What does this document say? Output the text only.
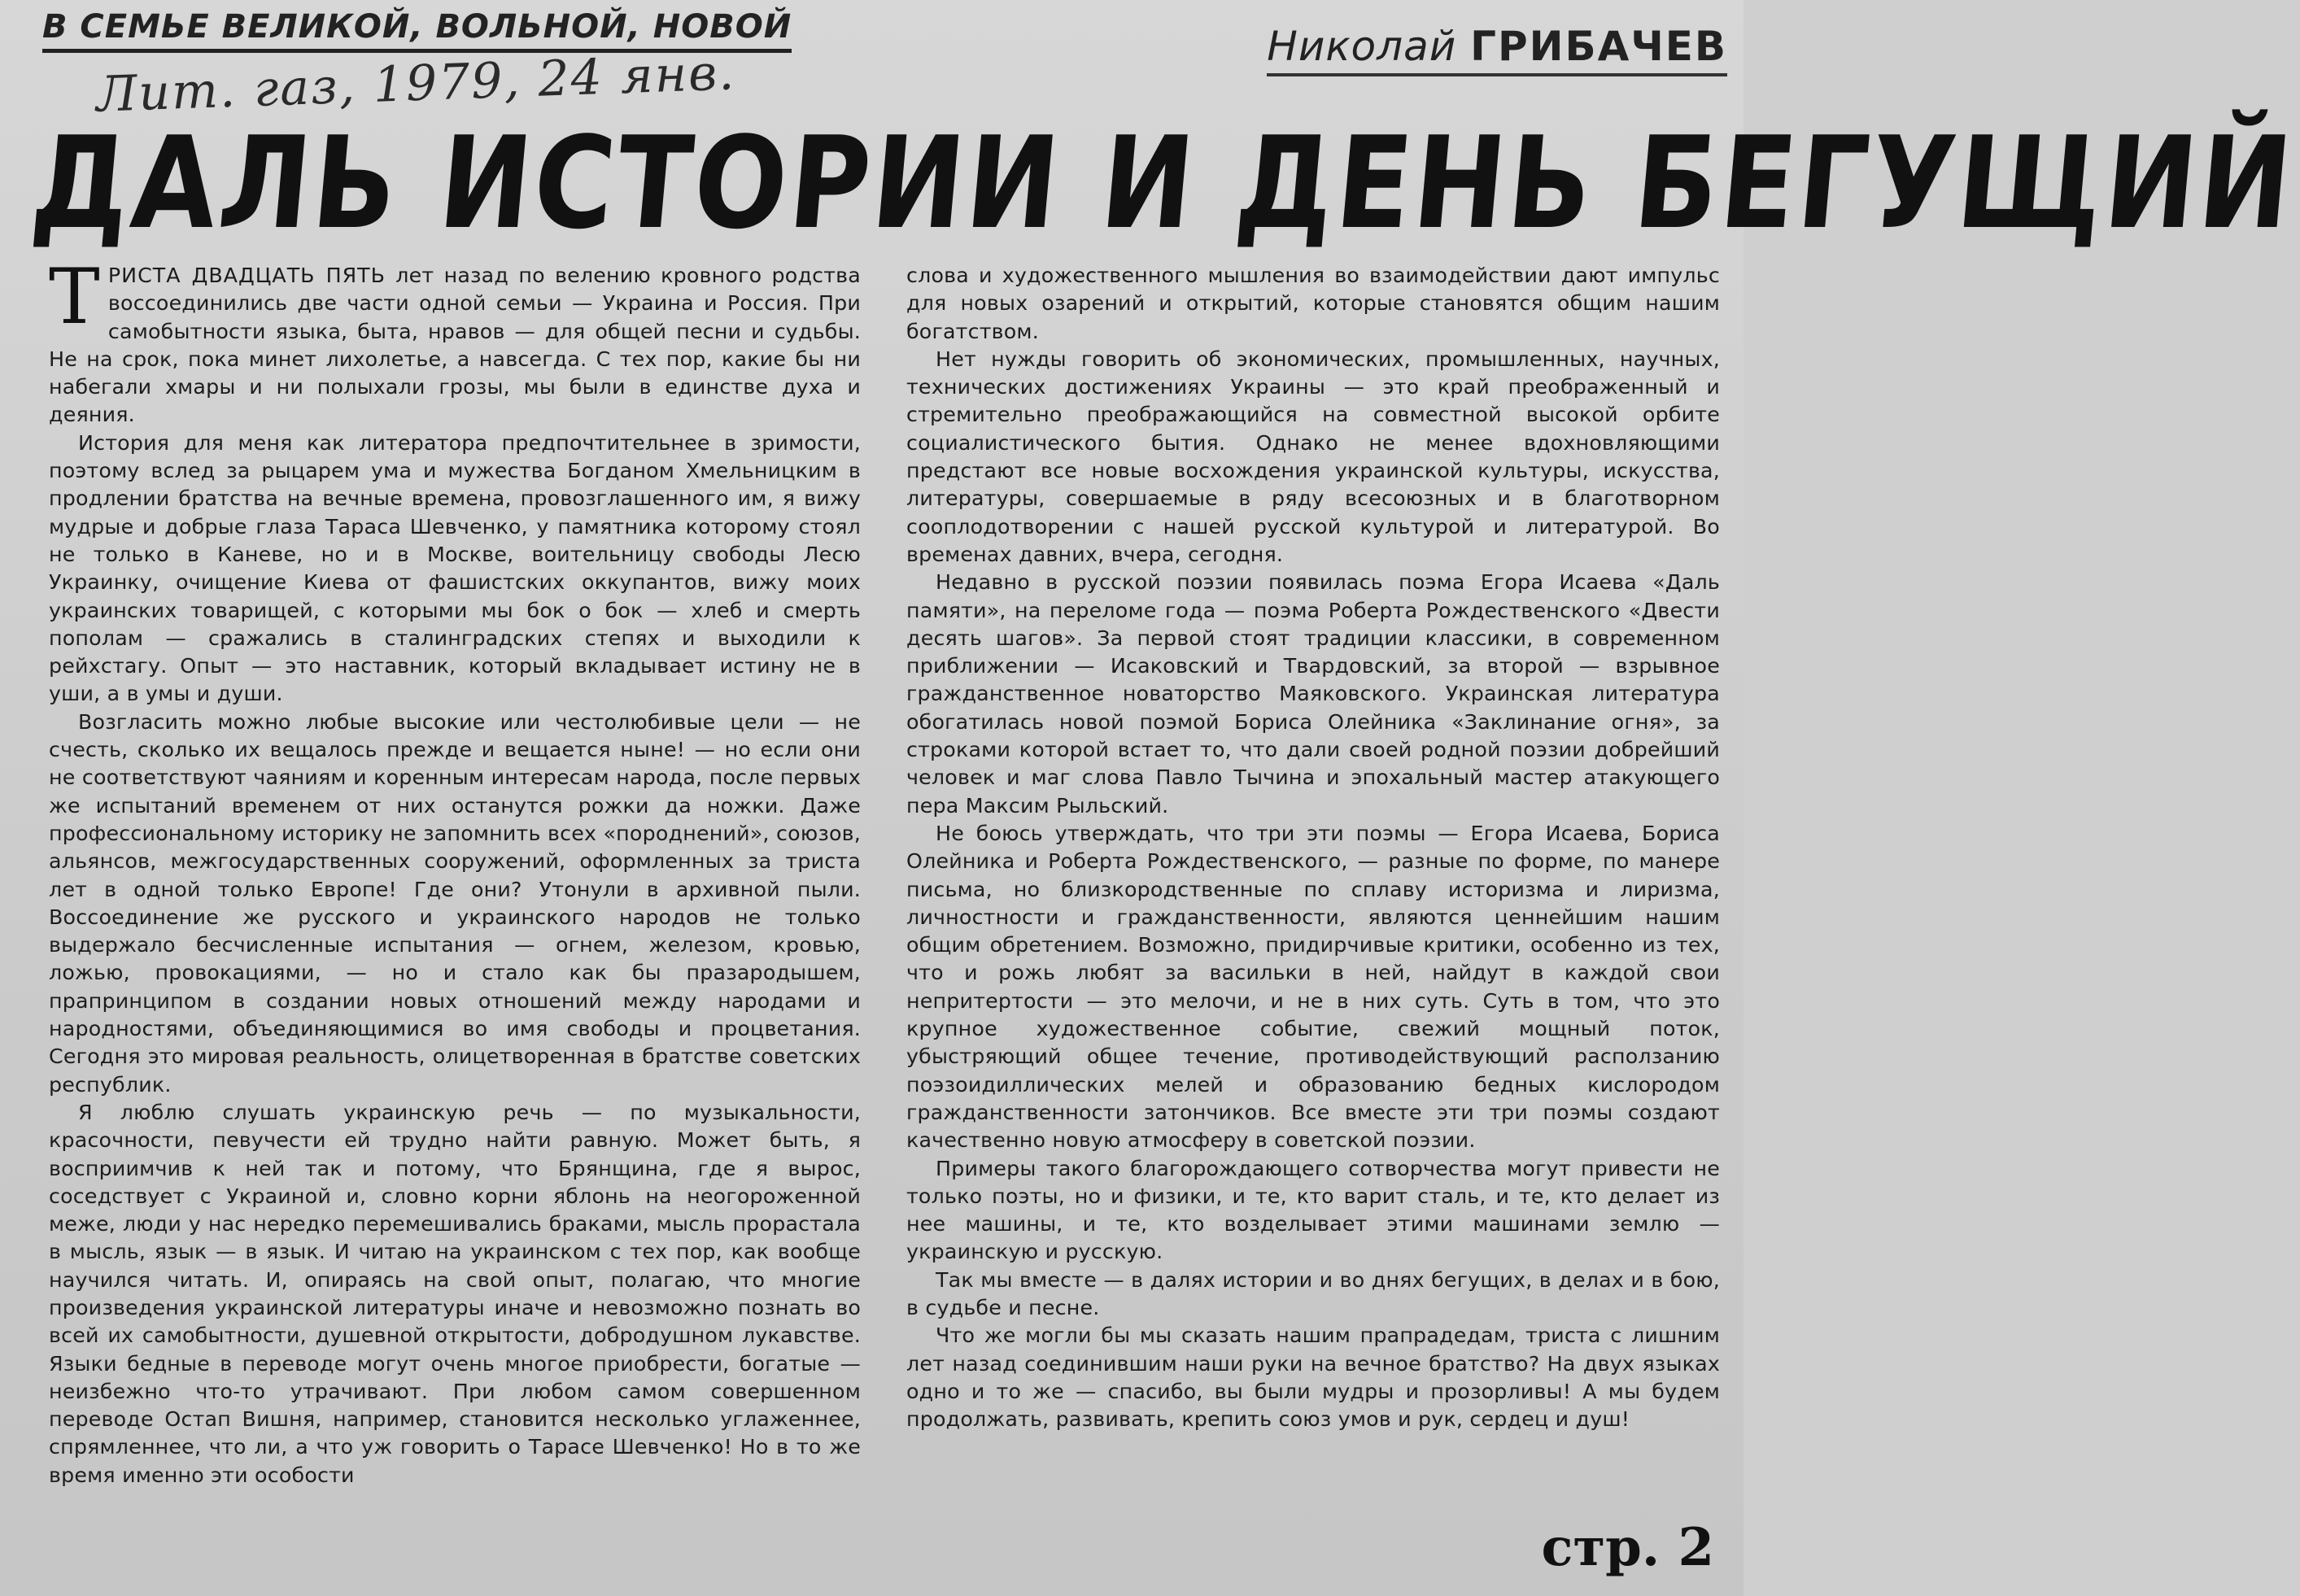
В СЕМЬЕ ВЕЛИКОЙ, ВОЛЬНОЙ, НОВОЙ	Николай ГРИБАЧЕВ
Лит. газ, 1979, 24 янв.
ДАЛЬ ИСТОРИИ И ДЕНЬ БЕГУЩИЙ

ТРИСТА ДВАДЦАТЬ ПЯТЬ лет назад по велению кровного родства воссоединились две части одной семьи — Украина и Россия. При самобытности языка, быта, нравов — для общей песни и судьбы. Не на срок, пока минет лихолетье, а навсегда. С тех пор, какие бы ни набегали хмары и ни полыхали грозы, мы были в единстве духа и деяния.

История для меня как литератора предпочтительнее в зримости, поэтому вслед за рыцарем ума и мужества Богданом Хмельницким в продлении братства на вечные времена, провозглашенного им, я вижу мудрые и добрые глаза Тараса Шевченко, у памятника которому стоял не только в Каневе, но и в Москве, воительницу свободы Лесю Украинку, очищение Киева от фашистских оккупантов, вижу моих украинских товарищей, с которыми мы бок о бок — хлеб и смерть пополам — сражались в сталинградских степях и выходили к рейхстагу. Опыт — это наставник, который вкладывает истину не в уши, а в умы и души.

Возгласить можно любые высокие или честолюбивые цели — не счесть, сколько их вещалось прежде и вещается ныне! — но если они не соответствуют чаяниям и коренным интересам народа, после первых же испытаний временем от них останутся рожки да ножки. Даже профессиональному историку не запомнить всех «породнений», союзов, альянсов, межгосударственных сооружений, оформленных за триста лет в одной только Европе! Где они? Утонули в архивной пыли. Воссоединение же русского и украинского народов не только выдержало бесчисленные испытания — огнем, железом, кровью, ложью, провокациями, — но и стало как бы празародышем, прапринципом в создании новых отношений между народами и народностями, объединяющимися во имя свободы и процветания. Сегодня это мировая реальность, олицетворенная в братстве советских республик.

Я люблю слушать украинскую речь — по музыкальности, красочности, певучести ей трудно найти равную. Может быть, я восприимчив к ней так и потому, что Брянщина, где я вырос, соседствует с Украиной и, словно корни яблонь на неогороженной меже, люди у нас нередко перемешивались браками, мысль прорастала в мысль, язык — в язык. И читаю на украинском с тех пор, как вообще научился читать. И, опираясь на свой опыт, полагаю, что многие произведения украинской литературы иначе и невозможно познать во всей их самобытности, душевной открытости, добродушном лукавстве. Языки бедные в переводе могут очень многое приобрести, богатые — неизбежно что-то утрачивают. При любом самом совершенном переводе Остап Вишня, например, становится несколько углаженнее, спрямленнее, что ли, а что уж говорить о Тарасе Шевченко! Но в то же время именно эти особости

слова и художественного мышления во взаимодействии дают импульс для новых озарений и открытий, которые становятся общим нашим богатством.

Нет нужды говорить об экономических, промышленных, научных, технических достижениях Украины — это край преображенный и стремительно преображающийся на совместной высокой орбите социалистического бытия. Однако не менее вдохновляющими предстают все новые восхождения украинской культуры, искусства, литературы, совершаемые в ряду всесоюзных и в благотворном сооплодотворении с нашей русской культурой и литературой. Во временах давних, вчера, сегодня.

Недавно в русской поэзии появилась поэма Егора Исаева «Даль памяти», на переломе года — поэма Роберта Рождественского «Двести десять шагов». За первой стоят традиции классики, в современном приближении — Исаковский и Твардовский, за второй — взрывное гражданственное новаторство Маяковского. Украинская литература обогатилась новой поэмой Бориса Олейника «Заклинание огня», за строками которой встает то, что дали своей родной поэзии добрейший человек и маг слова Павло Тычина и эпохальный мастер атакующего пера Максим Рыльский.

Не боюсь утверждать, что три эти поэмы — Егора Исаева, Бориса Олейника и Роберта Рождественского, — разные по форме, по манере письма, но близкородственные по сплаву историзма и лиризма, личностности и гражданственности, являются ценнейшим нашим общим обретением. Возможно, придирчивые критики, особенно из тех, что и рожь любят за васильки в ней, найдут в каждой свои непритертости — это мелочи, и не в них суть. Суть в том, что это крупное художественное событие, свежий мощный поток, убыстряющий общее течение, противодействующий расползанию поэзоидиллических мелей и образованию бедных кислородом гражданственности затончиков. Все вместе эти три поэмы создают качественно новую атмосферу в советской поэзии.

Примеры такого благорождающего сотворчества могут привести не только поэты, но и физики, и те, кто варит сталь, и те, кто делает из нее машины, и те, кто возделывает этими машинами землю — украинскую и русскую.

Так мы вместе — в далях истории и во днях бегущих, в делах и в бою, в судьбе и песне.

Что же могли бы мы сказать нашим прапрадедам, триста с лишним лет назад соединившим наши руки на вечное братство? На двух языках одно и то же — спасибо, вы были мудры и прозорливы! А мы будем продолжать, развивать, крепить союз умов и рук, сердец и душ!

стр. 2
